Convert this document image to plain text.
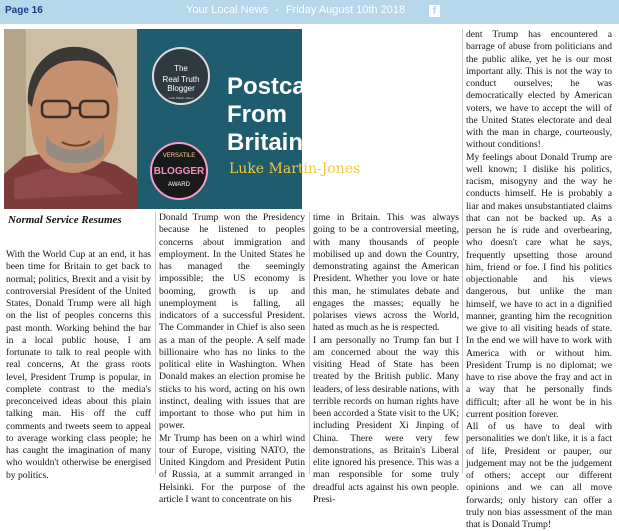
Page 16	Your Local News - Friday August 10th 2018	f
The
Real Truth
Blogger
Luke Martin-Jones
VERSATILE
BLOGGER
AWARD
Postcards
From
Britain
Luke Martin-Jones
Normal Service Resumes

With the World Cup at an end, it has been time for Britain to get back to normal; politics, Brexit and a visit by controversial President of the United States, Donald Trump were all high on the list of peoples concerns this past month. Working behind the bar in a local public house, I am fortunate to talk to real people with real concerns, At the grass roots level, President Trump is popular, in complete contrast to the media's preconceived ideas about this plain talking man. His off the cuff comments and tweets seem to appeal to average working class people; he has caught the imagination of many who wouldn't otherwise be energised by politics.

Donald Trump won the Presidency because he listened to peoples concerns about immigration and employment. In the United States he has managed the seemingly impossible; the US economy is booming, growth is up and unemployment is falling, all indicators of a successful President. The Commander in Chief is also seen as a man of the people. A self made billionaire who has no links to the political elite in Washington. When Donald makes an election promise he sticks to his word, acting on his own instinct, dealing with issues that are important to those who put him in power.

Mr Trump has been on a whirl wind tour of Europe, visiting NATO, the United Kingdom and President Putin of Russia, at a summit arranged in Helsinki. For the purpose of the article I want to concentrate on his

time in Britain. This was always going to be a controversial meeting, with many thousands of people mobilised up and down the Country, demonstrating against the American President. Whether you love or hate this man, he stimulates debate and engages the masses; equally he polarises views across the World, hated as much as he is respected.

I am personally no Trump fan but I am concerned about the way this visiting Head of State has been treated by the British public. Many leaders, of less desirable nations, with terrible records on human rights have been accorded a State visit to the UK; including President Xi Jinping of China. There were very few demonstrations, as Britain's Liberal elite ignored his presence. This was a man responsible for some truly dreadful acts against his own people. Presi-

dent Trump has encountered a barrage of abuse from politicians and the public alike, yet he is our most important ally. This is not the way to conduct ourselves; he was democratically elected by American voters, we have to accept the will of the United States electorate and deal with the man in charge, courteously, without conditions!

My feelings about Donald Trump are well known; I dislike his politics, racism, misogyny and the way he conducts himself. He is probably a liar and makes unsubstantiated claims that can not be backed up. As a person he is rude and overbearing, who doesn't care what he says, frequently upsetting those around him, friend or foe. I find his politics objectionable and his views dangerous, but unlike the man himself, we have to act in a dignified manner, granting him the recognition we give to all visiting heads of state. In the end we will have to work with America with or without him. President Trump is no diplomat; we have to rise above the fray and act in a way that he personally finds difficult; after all he wont be in his current position forever.

All of us have to deal with personalities we don't like, it is a fact of life, President or pauper, our judgement may not be the judgement of others; accept our different opinions and we can all move forwards; only history can offer a truly non bias assessment of the man that is Donald Trump!
